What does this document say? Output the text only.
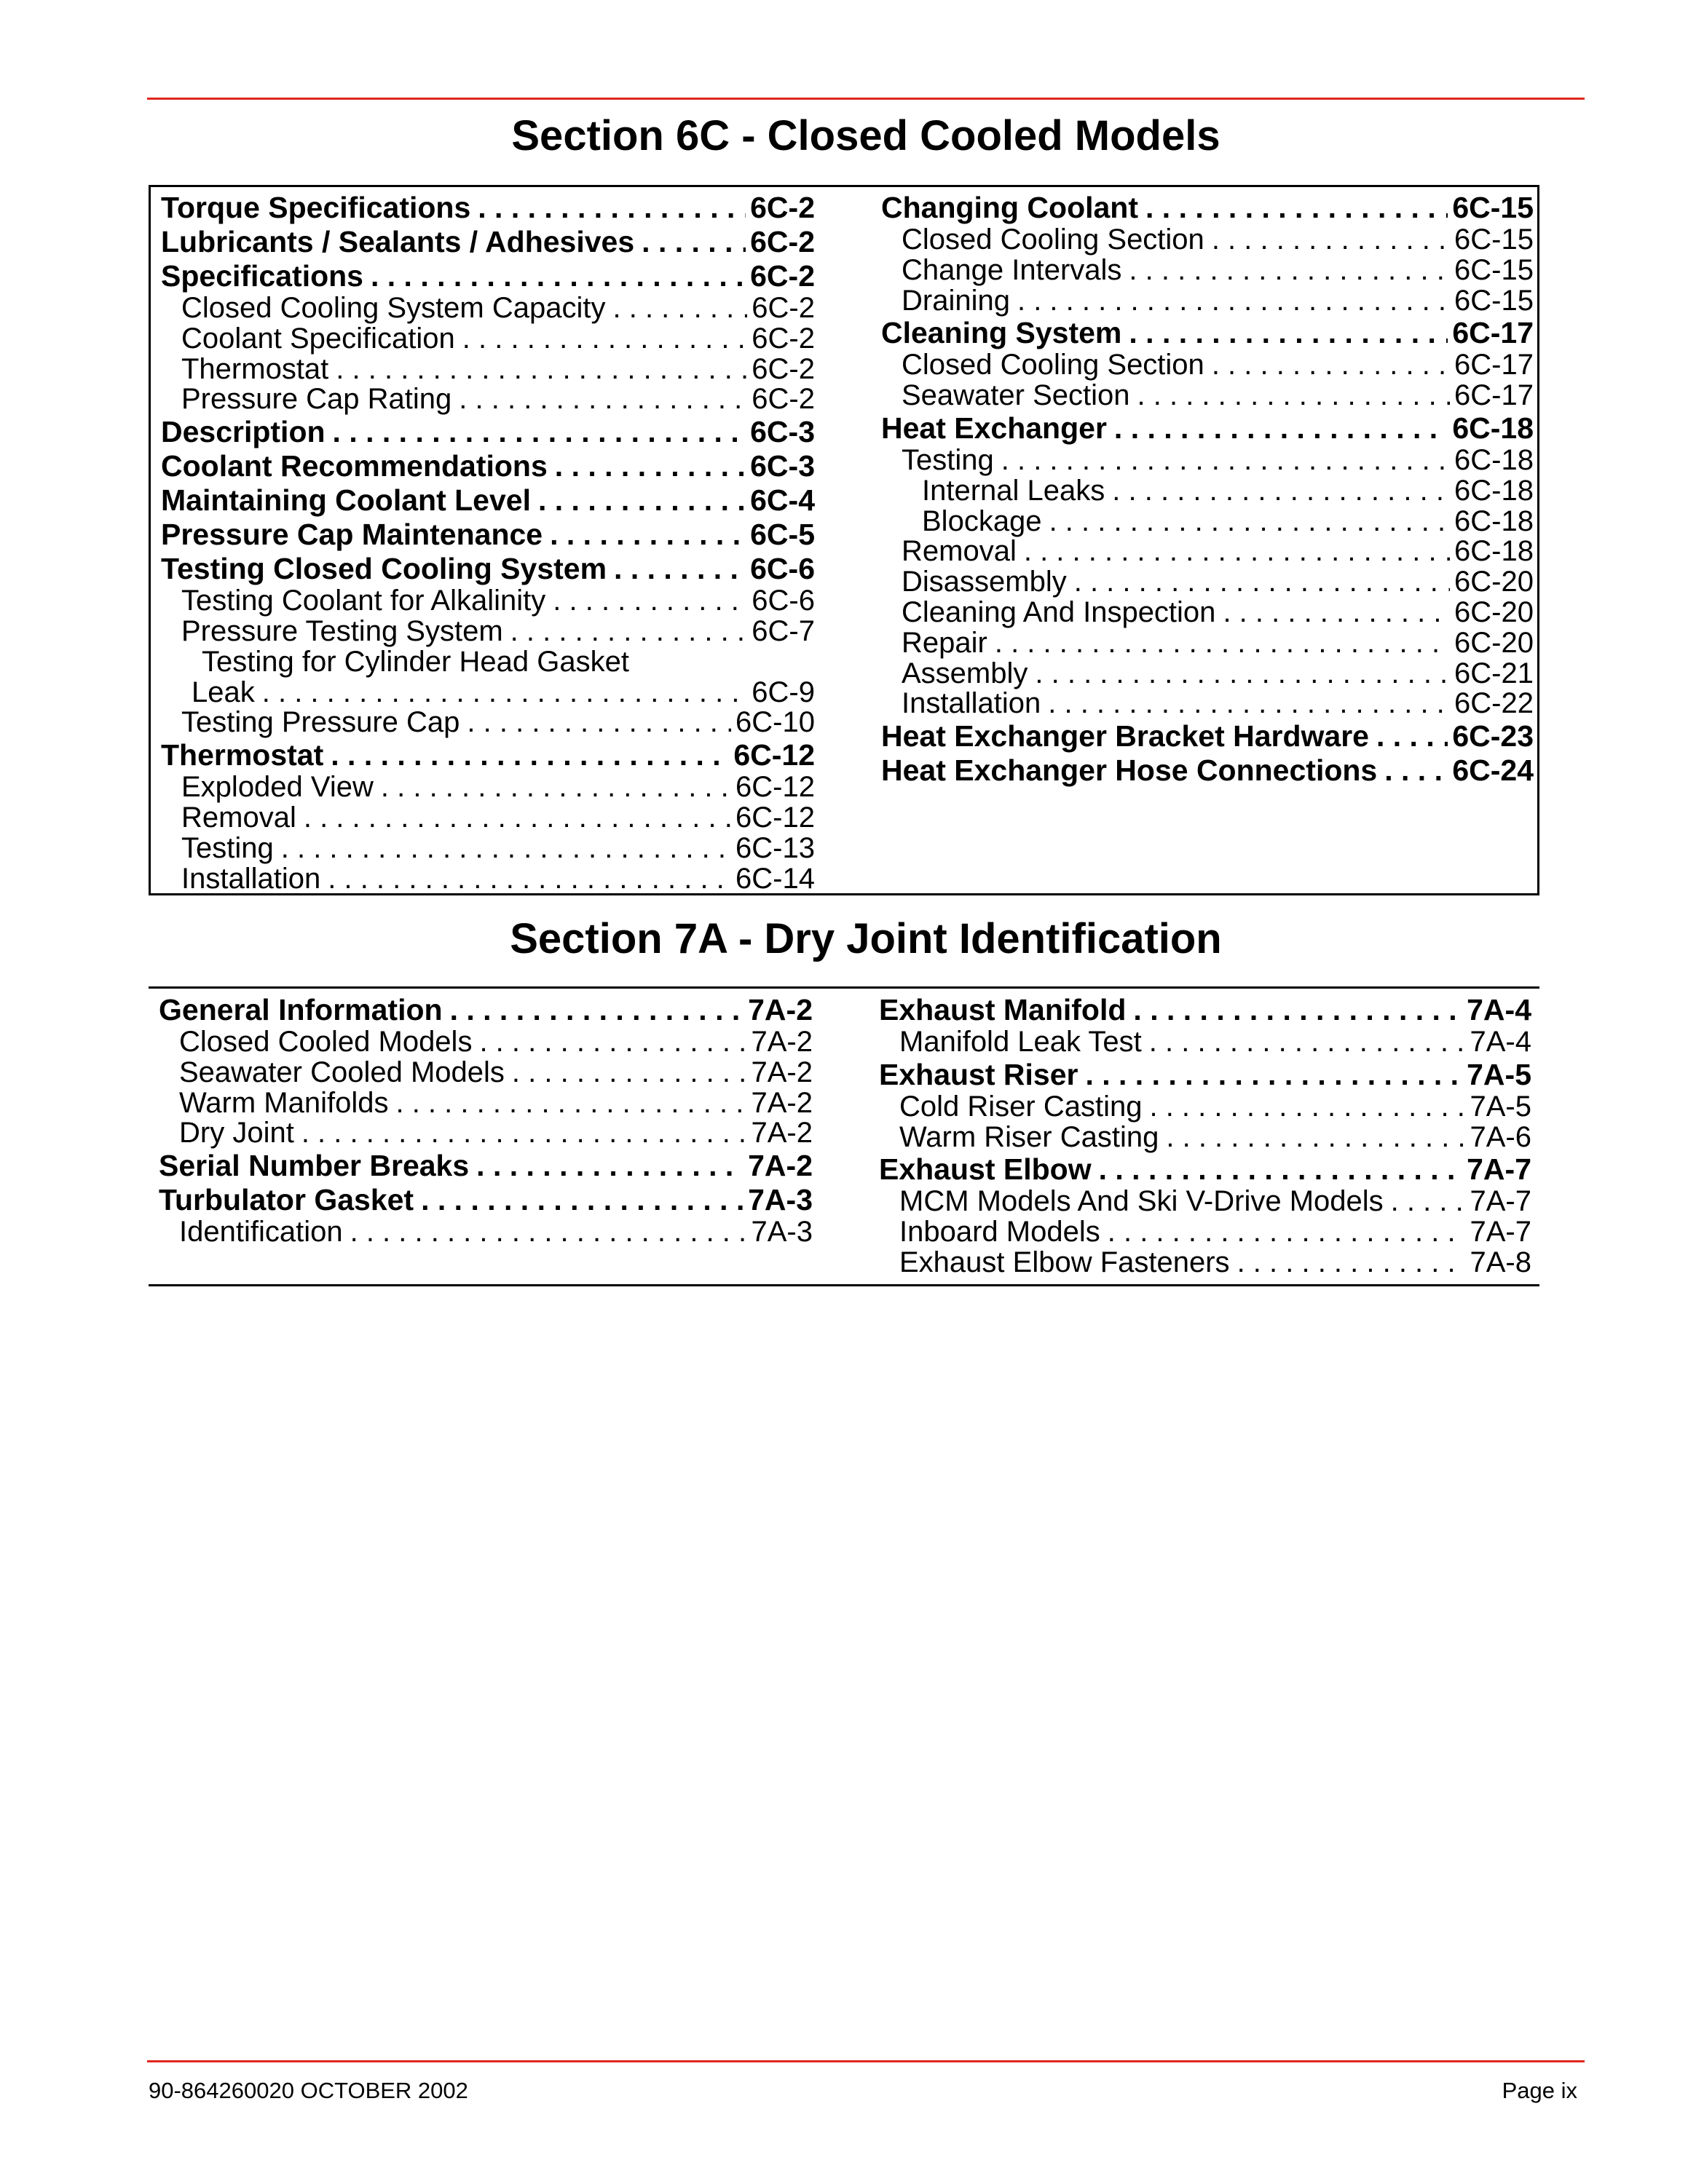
Section 6C - Closed Cooled Models
Torque Specifications . . .	6C-2
Lubricants / Sealants / Adhesives . . .	6C-2
Specifications . . .	6C-2
Closed Cooling System Capacity . . .	6C-2
Coolant Specification . . .	6C-2
Thermostat . . .	6C-2
Pressure Cap Rating . . .	6C-2
Description . . .	6C-3
Coolant Recommendations . . .	6C-3
Maintaining Coolant Level . . .	6C-4
Pressure Cap Maintenance . . .	6C-5
Testing Closed Cooling System . . .	6C-6
Testing Coolant for Alkalinity . . .	6C-6
Pressure Testing System . . .	6C-7
Testing for Cylinder Head Gasket
Leak . . .	6C-9
Testing Pressure Cap . . .	6C-10
Thermostat . . .	6C-12
Exploded View . . .	6C-12
Removal . . .	6C-12
Testing . . .	6C-13
Installation . . .	6C-14
Changing Coolant . . .	6C-15
Closed Cooling Section . . .	6C-15
Change Intervals . . .	6C-15
Draining . . .	6C-15
Cleaning System . . .	6C-17
Closed Cooling Section . . .	6C-17
Seawater Section . . .	6C-17
Heat Exchanger . . .	6C-18
Testing . . .	6C-18
Internal Leaks . . .	6C-18
Blockage . . .	6C-18
Removal . . .	6C-18
Disassembly . . .	6C-20
Cleaning And Inspection . . .	6C-20
Repair . . .	6C-20
Assembly . . .	6C-21
Installation . . .	6C-22
Heat Exchanger Bracket Hardware . . .	6C-23
Heat Exchanger Hose Connections . . .	6C-24
Section 7A - Dry Joint Identification
General Information . . .	7A-2
Closed Cooled Models . . .	7A-2
Seawater Cooled Models . . .	7A-2
Warm Manifolds . . .	7A-2
Dry Joint . . .	7A-2
Serial Number Breaks . . .	7A-2
Turbulator Gasket . . .	7A-3
Identification . . .	7A-3
Exhaust Manifold . . .	7A-4
Manifold Leak Test . . .	7A-4
Exhaust Riser . . .	7A-5
Cold Riser Casting . . .	7A-5
Warm Riser Casting . . .	7A-6
Exhaust Elbow . . .	7A-7
MCM Models And Ski V-Drive Models . . .	7A-7
Inboard Models . . .	7A-7
Exhaust Elbow Fasteners . . .	7A-8
90-864260020 OCTOBER 2002	Page ix
